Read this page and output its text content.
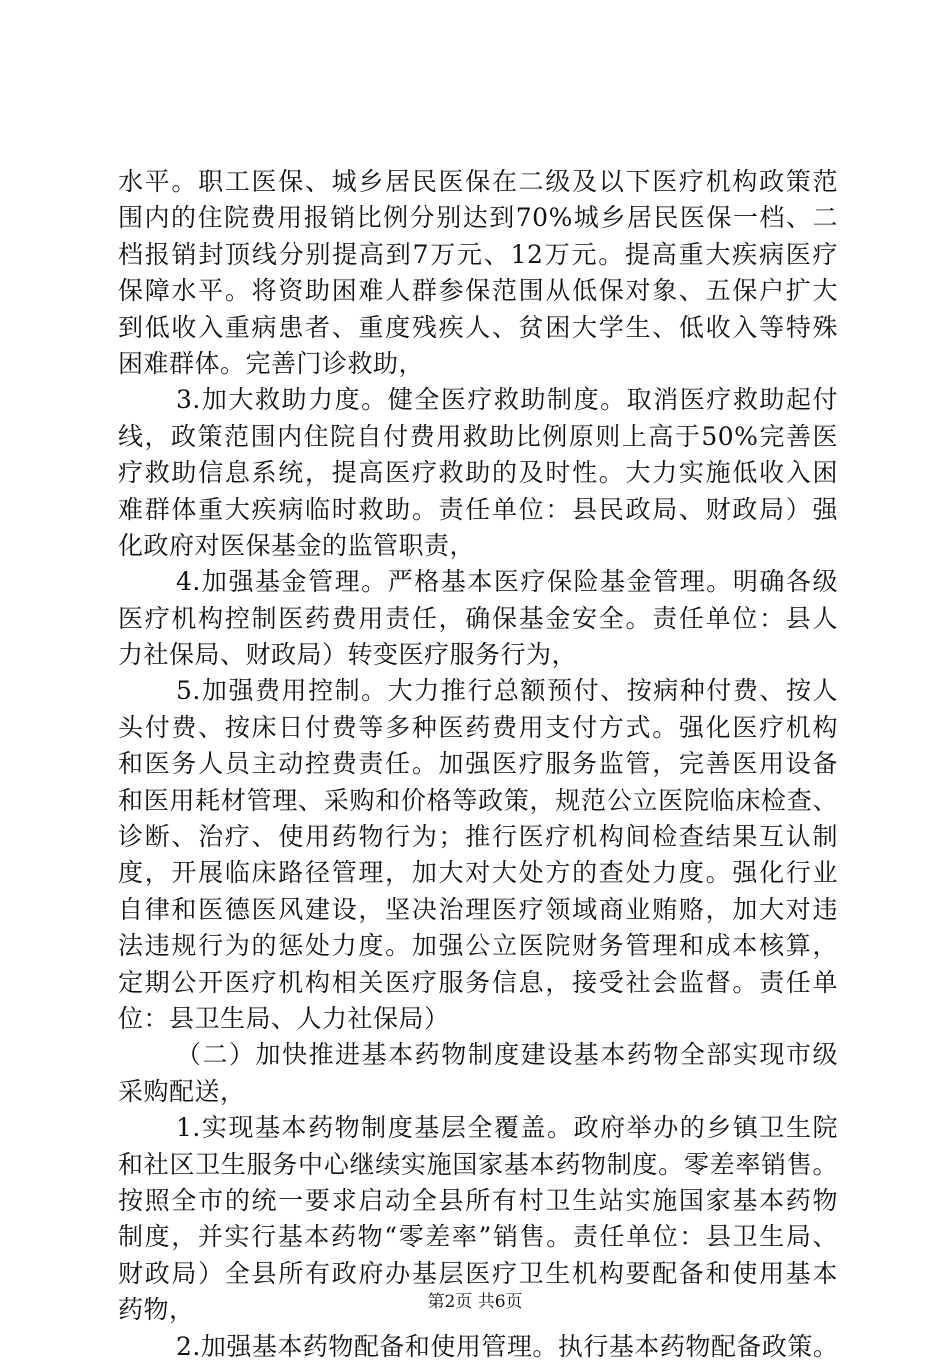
水平。职工医保、城乡居民医保在二级及以下医疗机构政策范
围内的住院费用报销比例分别达到70%城乡居民医保一档、二
档报销封顶线分别提高到7万元、12万元。提高重大疾病医疗
保障水平。将资助困难人群参保范围从低保对象、五保户扩大
到低收入重病患者、重度残疾人、贫困大学生、低收入等特殊
困难群体。完善门诊救助，
3.加大救助力度。健全医疗救助制度。取消医疗救助起付
线，政策范围内住院自付费用救助比例原则上高于50%完善医
疗救助信息系统，提高医疗救助的及时性。大力实施低收入困
难群体重大疾病临时救助。责任单位：县民政局、财政局）强
化政府对医保基金的监管职责，
4.加强基金管理。严格基本医疗保险基金管理。明确各级
医疗机构控制医药费用责任，确保基金安全。责任单位：县人
力社保局、财政局）转变医疗服务行为，
5.加强费用控制。大力推行总额预付、按病种付费、按人
头付费、按床日付费等多种医药费用支付方式。强化医疗机构
和医务人员主动控费责任。加强医疗服务监管，完善医用设备
和医用耗材管理、采购和价格等政策，规范公立医院临床检查、
诊断、治疗、使用药物行为；推行医疗机构间检查结果互认制
度，开展临床路径管理，加大对大处方的查处力度。强化行业
自律和医德医风建设，坚决治理医疗领域商业贿赂，加大对违
法违规行为的惩处力度。加强公立医院财务管理和成本核算，
定期公开医疗机构相关医疗服务信息，接受社会监督。责任单
位：县卫生局、人力社保局）
（二）加快推进基本药物制度建设基本药物全部实现市级
采购配送，
1.实现基本药物制度基层全覆盖。政府举办的乡镇卫生院
和社区卫生服务中心继续实施国家基本药物制度。零差率销售。
按照全市的统一要求启动全县所有村卫生站实施国家基本药物
制度，并实行基本药物“零差率”销售。责任单位：县卫生局、
财政局）全县所有政府办基层医疗卫生机构要配备和使用基本
药物，
2.加强基本药物配备和使用管理。执行基本药物配备政策。
第2页 共6页
